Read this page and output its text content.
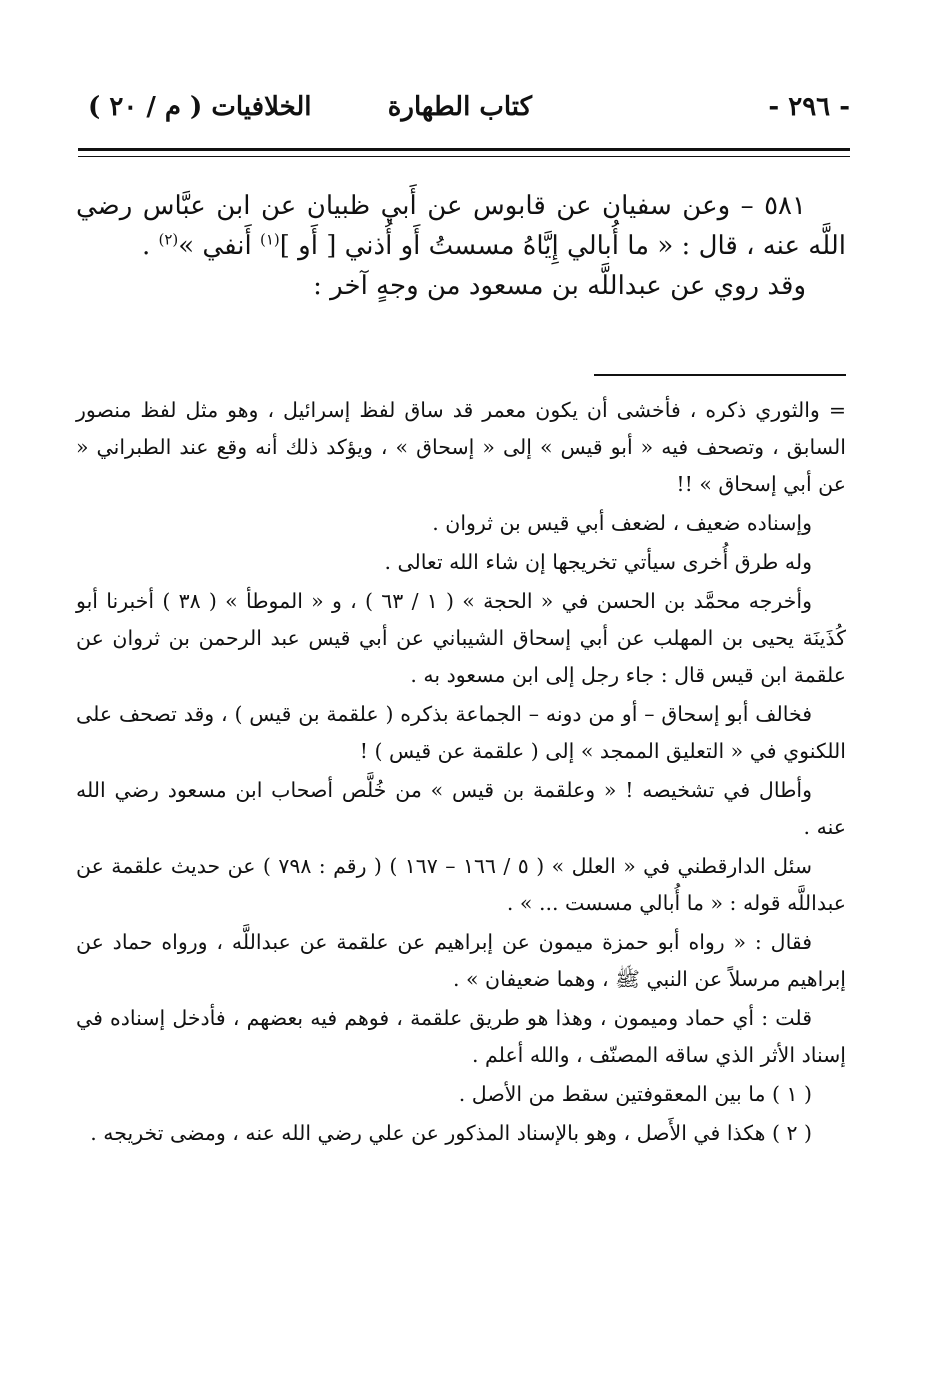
- ٢٩٦ -
كتاب الطهارة
الخلافيات ( م / ٢٠ )

٥٨١ – وعن سفيان عن قابوس عن أَبي ظبيان عن ابن عبَّاس رضي اللَّه عنه ، قال : « ما أُبالي إِيَّاهُ مسستُ أَو أُذني [ أَو ]$^{(١)}$ أَنفي »$^{(٢)}$ .

وقد روي عن عبداللَّه بن مسعود من وجهٍ آخر :

= والثوري ذكره ، فأخشى أن يكون معمر قد ساق لفظ إسرائيل ، وهو مثل لفظ منصور السابق ، وتصحف فيه « أبو قيس » إلى « إسحاق » ، ويؤكد ذلك أنه وقع عند الطبراني « عن أبي إسحاق » !!

وإسناده ضعيف ، لضعف أبي قيس بن ثروان .

وله طرق أُخرى سيأتي تخريجها إن شاء الله تعالى .

وأخرجه محمَّد بن الحسن في « الحجة » ( ١ / ٦٣ ) ، و « الموطأ » ( ٣٨ ) أخبرنا أبو كُذَينَة يحيى بن المهلب عن أبي إسحاق الشيباني عن أبي قيس عبد الرحمن بن ثروان عن علقمة ابن قيس قال : جاء رجل إلى ابن مسعود به .

فخالف أبو إسحاق – أو من دونه – الجماعة بذكره ( علقمة بن قيس ) ، وقد تصحف على اللكنوي في « التعليق الممجد » إلى ( علقمة عن قيس ) !

وأطال في تشخيصه ! « وعلقمة بن قيس » من خُلَّص أصحاب ابن مسعود رضي الله عنه .

سئل الدارقطني في « العلل » ( ٥ / ١٦٦ – ١٦٧ ) ( رقم : ٧٩٨ ) عن حديث علقمة عن عبداللَّه قوله : « ما أُبالي مسست ... » .

فقال : « رواه أبو حمزة ميمون عن إبراهيم عن علقمة عن عبداللَّه ، ورواه حماد عن إبراهيم مرسلاً عن النبي ﷺ ، وهما ضعيفان » .

قلت : أي حماد وميمون ، وهذا هو طريق علقمة ، فوهم فيه بعضهم ، فأدخل إسناده في إسناد الأثر الذي ساقه المصنّف ، والله أعلم .

( ١ ) ما بين المعقوفتين سقط من الأصل .

( ٢ ) هكذا في الأَصل ، وهو بالإسناد المذكور عن علي رضي الله عنه ، ومضى تخريجه .
